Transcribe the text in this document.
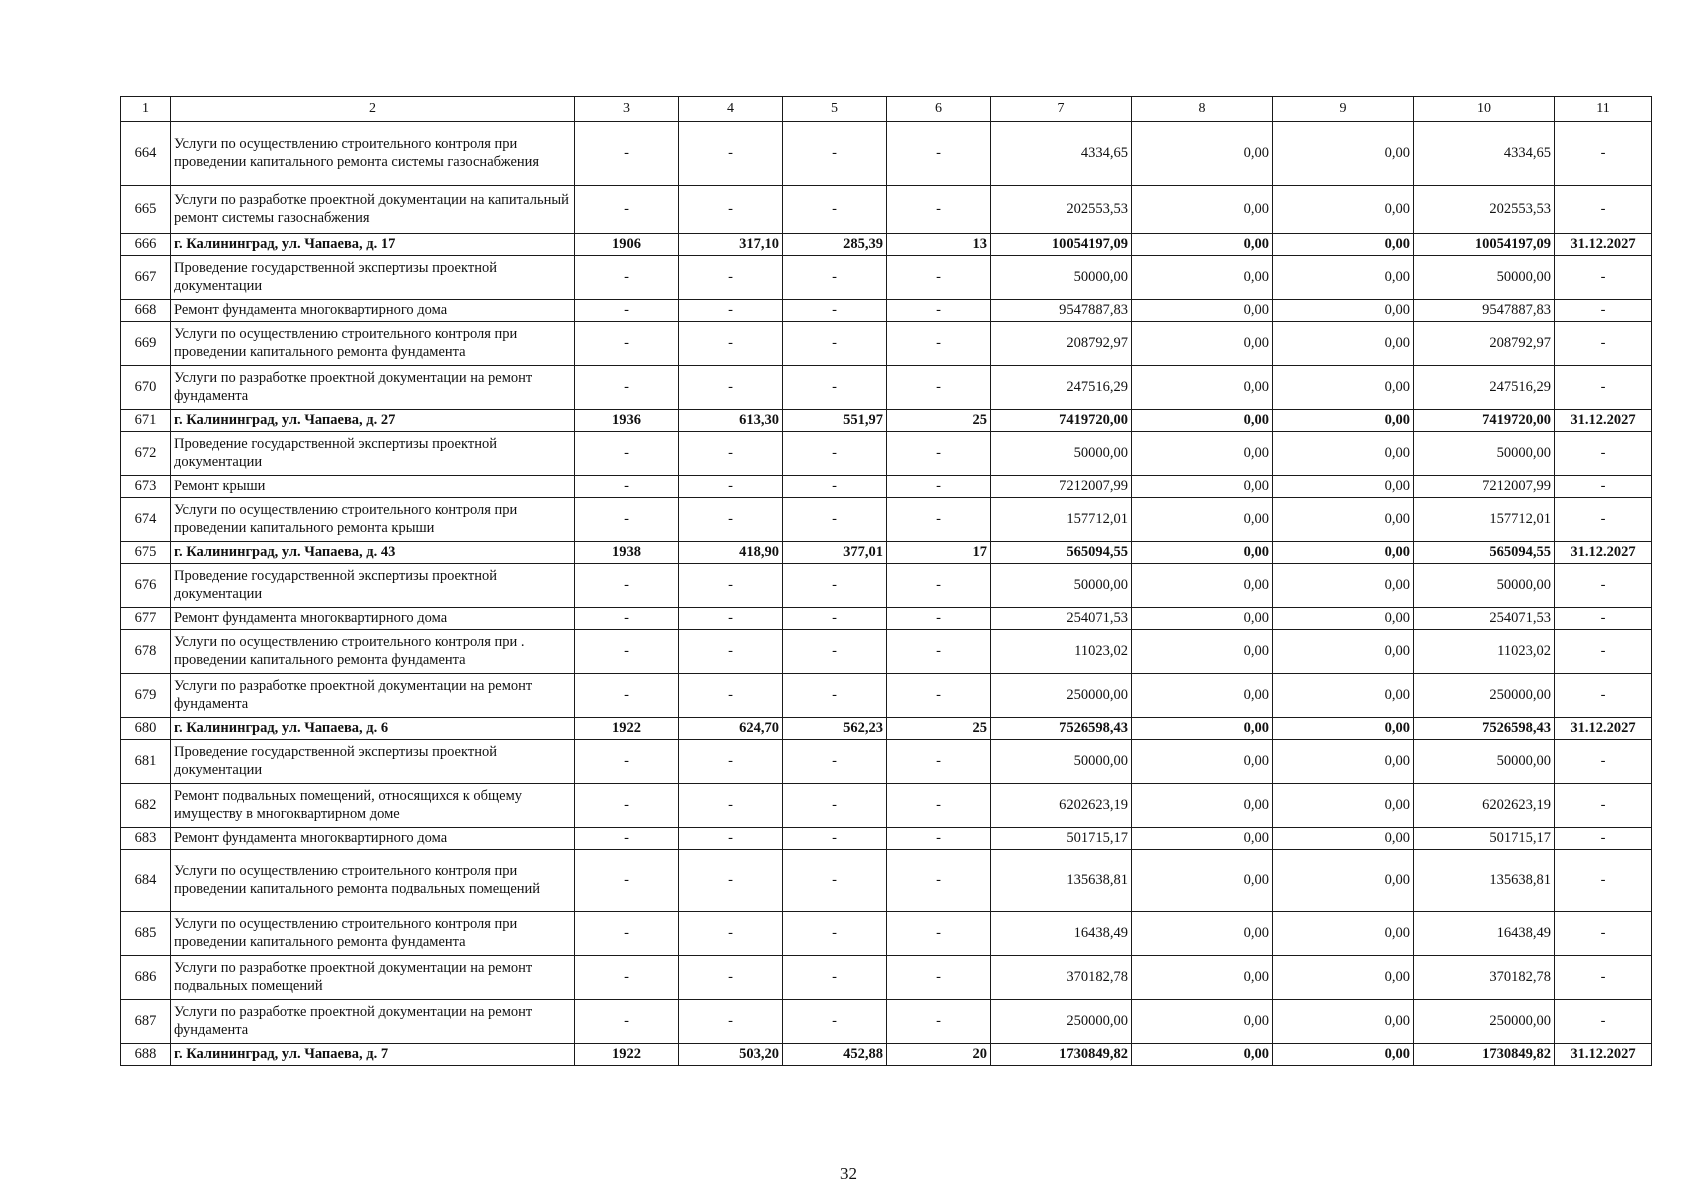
1	2	3	4	5	6	7	8	9	10	11
664	Услуги по осуществлению строительного контроля при проведении капитального ремонта системы газоснабжения	-	-	-	-	4334,65	0,00	0,00	4334,65	-
665	Услуги по разработке проектной документации на капитальный ремонт системы газоснабжения	-	-	-	-	202553,53	0,00	0,00	202553,53	-
666	г. Калининград, ул. Чапаева, д. 17	1906	317,10	285,39	13	10054197,09	0,00	0,00	10054197,09	31.12.2027
667	Проведение государственной экспертизы проектной документации	-	-	-	-	50000,00	0,00	0,00	50000,00	-
668	Ремонт фундамента многоквартирного дома	-	-	-	-	9547887,83	0,00	0,00	9547887,83	-
669	Услуги по осуществлению строительного контроля при проведении капитального ремонта фундамента	-	-	-	-	208792,97	0,00	0,00	208792,97	-
670	Услуги по разработке проектной документации на ремонт фундамента	-	-	-	-	247516,29	0,00	0,00	247516,29	-
671	г. Калининград, ул. Чапаева, д. 27	1936	613,30	551,97	25	7419720,00	0,00	0,00	7419720,00	31.12.2027
672	Проведение государственной экспертизы проектной документации	-	-	-	-	50000,00	0,00	0,00	50000,00	-
673	Ремонт крыши	-	-	-	-	7212007,99	0,00	0,00	7212007,99	-
674	Услуги по осуществлению строительного контроля при проведении капитального ремонта крыши	-	-	-	-	157712,01	0,00	0,00	157712,01	-
675	г. Калининград, ул. Чапаева, д. 43	1938	418,90	377,01	17	565094,55	0,00	0,00	565094,55	31.12.2027
676	Проведение государственной экспертизы проектной документации	-	-	-	-	50000,00	0,00	0,00	50000,00	-
677	Ремонт фундамента многоквартирного дома	-	-	-	-	254071,53	0,00	0,00	254071,53	-
678	Услуги по осуществлению строительного контроля при . проведении капитального ремонта фундамента	-	-	-	-	11023,02	0,00	0,00	11023,02	-
679	Услуги по разработке проектной документации на ремонт фундамента	-	-	-	-	250000,00	0,00	0,00	250000,00	-
680	г. Калининград, ул. Чапаева, д. 6	1922	624,70	562,23	25	7526598,43	0,00	0,00	7526598,43	31.12.2027
681	Проведение государственной экспертизы проектной документации	-	-	-	-	50000,00	0,00	0,00	50000,00	-
682	Ремонт подвальных помещений, относящихся к общему имуществу в многоквартирном доме	-	-	-	-	6202623,19	0,00	0,00	6202623,19	-
683	Ремонт фундамента многоквартирного дома	-	-	-	-	501715,17	0,00	0,00	501715,17	-
684	Услуги по осуществлению строительного контроля при проведении капитального ремонта подвальных помещений	-	-	-	-	135638,81	0,00	0,00	135638,81	-
685	Услуги по осуществлению строительного контроля при проведении капитального ремонта фундамента	-	-	-	-	16438,49	0,00	0,00	16438,49	-
686	Услуги по разработке проектной документации на ремонт подвальных помещений	-	-	-	-	370182,78	0,00	0,00	370182,78	-
687	Услуги по разработке проектной документации на ремонт фундамента	-	-	-	-	250000,00	0,00	0,00	250000,00	-
688	г. Калининград, ул. Чапаева, д. 7	1922	503,20	452,88	20	1730849,82	0,00	0,00	1730849,82	31.12.2027
32
